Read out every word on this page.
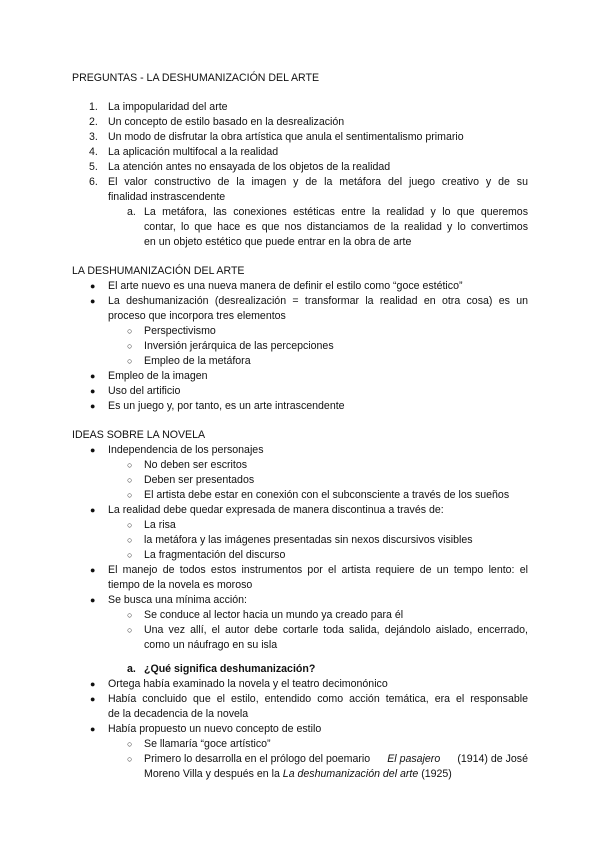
PREGUNTAS - LA DESHUMANIZACIÓN DEL ARTE
1. La impopularidad del arte
2. Un concepto de estilo basado en la desrealización
3. Un modo de disfrutar la obra artística que anula el sentimentalismo primario
4. La aplicación multifocal a la realidad
5. La atención antes no ensayada de los objetos de la realidad
6. El valor constructivo de la imagen y de la metáfora del juego creativo y de su
finalidad instrascendente
a. La metáfora, las conexiones estéticas entre la realidad y lo que queremos
contar, lo que hace es que nos distanciamos de la realidad y lo convertimos
en un objeto estético que puede entrar en la obra de arte
LA DESHUMANIZACIÓN DEL ARTE
● El arte nuevo es una nueva manera de definir el estilo como “goce estético”
● La deshumanización (desrealización = transformar la realidad en otra cosa) es un
proceso que incorpora tres elementos
○ Perspectivismo
○ Inversión jerárquica de las percepciones
○ Empleo de la metáfora
● Empleo de la imagen
● Uso del artificio
● Es un juego y, por tanto, es un arte intrascendente
IDEAS SOBRE LA NOVELA
● Independencia de los personajes
○ No deben ser escritos
○ Deben ser presentados
○ El artista debe estar en conexión con el subconsciente a través de los sueños
● La realidad debe quedar expresada de manera discontinua a través de:
○ La risa
○ la metáfora y las imágenes presentadas sin nexos discursivos visibles
○ La fragmentación del discurso
● El manejo de todos estos instrumentos por el artista requiere de un tempo lento: el
tiempo de la novela es moroso
● Se busca una mínima acción:
○ Se conduce al lector hacia un mundo ya creado para él
○ Una vez allí, el autor debe cortarle toda salida, dejándolo aislado, encerrado,
como un náufrago en su isla
a. ¿Qué significa deshumanización?
● Ortega había examinado la novela y el teatro decimonónico
● Había concluido que el estilo, entendido como acción temática, era el responsable
de la decadencia de la novela
● Había propuesto un nuevo concepto de estilo
○ Se llamaría “goce artístico”
○ Primero lo desarrolla en el prólogo del poemario El pasajero (1914) de José
Moreno Villa y después en la La deshumanización del arte (1925)
